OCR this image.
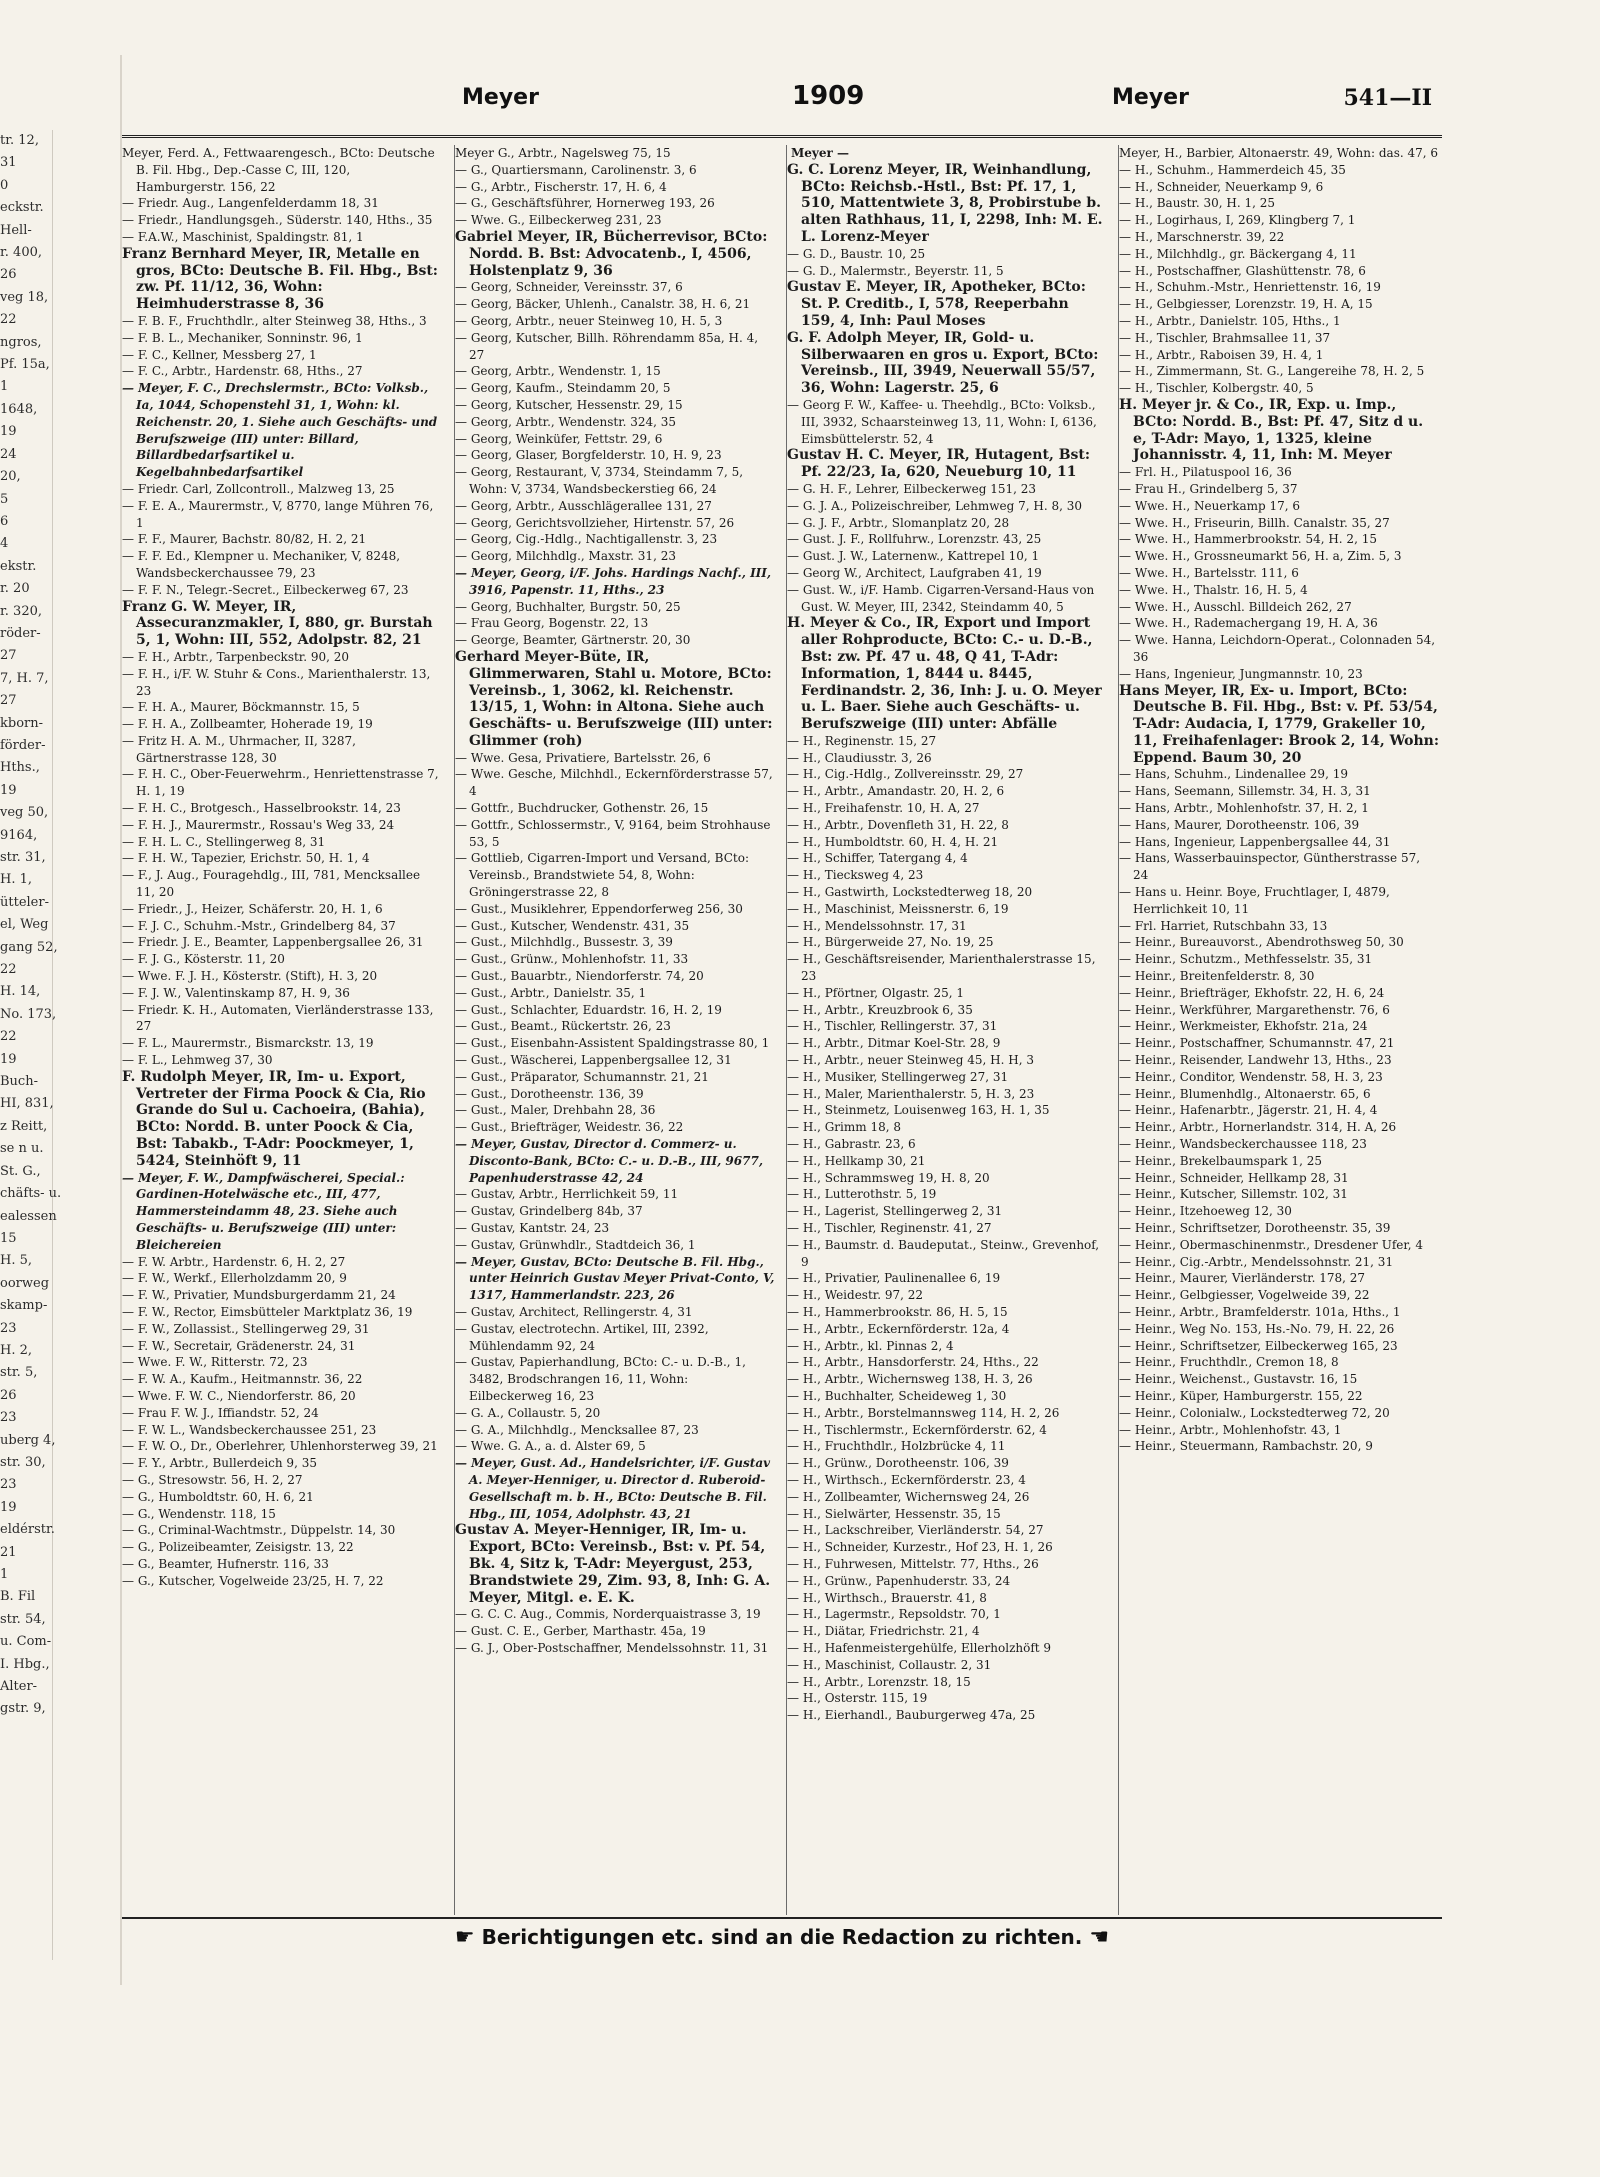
tr. 12,
31
0
eckstr.
Hell-
r. 400,
26
veg 18,
22
ngros,
Pf. 15a,
1
1648,
19
24
20,
5
6
4
ekstr.
r. 20
r. 320,
röder-
27
7, H. 7,
27
kborn-
förder-
Hths.,
19
veg 50,
9164,
str. 31,
H. 1,
ütteler-
el, Weg
gang 52,
22
H. 14,
No. 173,
22
19
Buch-
HI, 831,
z Reitt,
se n u.
St. G.,
chäfts- u.
ealessen
15
H. 5,
oorweg
skamp-
23
H. 2,
str. 5,
26
23
uberg 4,
str. 30,
23
19
eldérstr.
21
1
B. Fil
str. 54,
u. Com-
I. Hbg.,
Alter-
gstr. 9,
Meyer	1909	Meyer	541—II
Meyer, Ferd. A., Fettwaarengesch., BCto: Deutsche B. Fil. Hbg., Dep.-Casse C, III, 120, Hamburgerstr. 156, 22
— Friedr. Aug., Langenfelderdamm 18, 31
— Friedr., Handlungsgeh., Süderstr. 140, Hths., 35
— F.A.W., Maschinist, Spaldingstr. 81, 1
Franz Bernhard Meyer, IR, Metalle en gros, BCto: Deutsche B. Fil. Hbg., Bst: zw. Pf. 11/12, 36, Wohn: Heimhuderstrasse 8, 36
— F. B. F., Fruchthdlr., alter Steinweg 38, Hths., 3
— F. B. L., Mechaniker, Sonninstr. 96, 1
— F. C., Kellner, Messberg 27, 1
— F. C., Arbtr., Hardenstr. 68, Hths., 27
— Meyer, F. C., Drechslermstr., BCto: Volksb., Ia, 1044, Schopenstehl 31, 1, Wohn: kl. Reichenstr. 20, 1. Siehe auch Geschäfts- und Berufszweige (III) unter: Billard, Billardbedarfsartikel u. Kegelbahnbedarfsartikel
— Friedr. Carl, Zollcontroll., Malzweg 13, 25
— F. E. A., Maurermstr., V, 8770, lange Mühren 76, 1
— F. F., Maurer, Bachstr. 80/82, H. 2, 21
— F. F. Ed., Klempner u. Mechaniker, V, 8248, Wandsbeckerchaussee 79, 23
— F. F. N., Telegr.-Secret., Eilbeckerweg 67, 23
Franz G. W. Meyer, IR, Assecuranzmakler, I, 880, gr. Burstah 5, 1, Wohn: III, 552, Adolpstr. 82, 21
— F. H., Arbtr., Tarpenbeckstr. 90, 20
— F. H., i/F. W. Stuhr & Cons., Marienthalerstr. 13, 23
— F. H. A., Maurer, Böckmannstr. 15, 5
— F. H. A., Zollbeamter, Hoherade 19, 19
— Fritz H. A. M., Uhrmacher, II, 3287, Gärtnerstrasse 128, 30
— F. H. C., Ober-Feuerwehrm., Henriettenstrasse 7, H. 1, 19
— F. H. C., Brotgesch., Hasselbrookstr. 14, 23
— F. H. J., Maurermstr., Rossau's Weg 33, 24
— F. H. L. C., Stellingerweg 8, 31
— F. H. W., Tapezier, Erichstr. 50, H. 1, 4
— F., J. Aug., Fouragehdlg., III, 781, Mencksallee 11, 20
— Friedr., J., Heizer, Schäferstr. 20, H. 1, 6
— F. J. C., Schuhm.-Mstr., Grindelberg 84, 37
— Friedr. J. E., Beamter, Lappenbergsallee 26, 31
— F. J. G., Kösterstr. 11, 20
— Wwe. F. J. H., Kösterstr. (Stift), H. 3, 20
— F. J. W., Valentinskamp 87, H. 9, 36
— Friedr. K. H., Automaten, Vierländerstrasse 133, 27
— F. L., Maurermstr., Bismarckstr. 13, 19
— F. L., Lehmweg 37, 30
F. Rudolph Meyer, IR, Im- u. Export, Vertreter der Firma Poock & Cia, Rio Grande do Sul u. Cachoeira, (Bahia), BCto: Nordd. B. unter Poock & Cia, Bst: Tabakb., T-Adr: Poockmeyer, 1, 5424, Steinhöft 9, 11
— Meyer, F. W., Dampfwäscherei, Special.: Gardinen-Hotelwäsche etc., III, 477, Hammersteindamm 48, 23. Siehe auch Geschäfts- u. Berufszweige (III) unter: Bleichereien
— F. W. Arbtr., Hardenstr. 6, H. 2, 27
— F. W., Werkf., Ellerholzdamm 20, 9
— F. W., Privatier, Mundsburgerdamm 21, 24
— F. W., Rector, Eimsbütteler Marktplatz 36, 19
— F. W., Zollassist., Stellingerweg 29, 31
— F. W., Secretair, Grädenerstr. 24, 31
— Wwe. F. W., Ritterstr. 72, 23
— F. W. A., Kaufm., Heitmannstr. 36, 22
— Wwe. F. W. C., Niendorferstr. 86, 20
— Frau F. W. J., Iffiandstr. 52, 24
— F. W. L., Wandsbeckerchaussee 251, 23
— F. W. O., Dr., Oberlehrer, Uhlenhorsterweg 39, 21
— F. Y., Arbtr., Bullerdeich 9, 35
— G., Stresowstr. 56, H. 2, 27
— G., Humboldtstr. 60, H. 6, 21
— G., Wendenstr. 118, 15
— G., Criminal-Wachtmstr., Düppelstr. 14, 30
— G., Polizeibeamter, Zeisigstr. 13, 22
— G., Beamter, Hufnerstr. 116, 33
— G., Kutscher, Vogelweide 23/25, H. 7, 22
Meyer G., Arbtr., Nagelsweg 75, 15
— G., Quartiersmann, Carolinenstr. 3, 6
— G., Arbtr., Fischerstr. 17, H. 6, 4
— G., Geschäftsführer, Hornerweg 193, 26
— Wwe. G., Eilbeckerweg 231, 23
Gabriel Meyer, IR, Bücherrevisor, BCto: Nordd. B. Bst: Advocatenb., I, 4506, Holstenplatz 9, 36
— Georg, Schneider, Vereinsstr. 37, 6
— Georg, Bäcker, Uhlenh., Canalstr. 38, H. 6, 21
— Georg, Arbtr., neuer Steinweg 10, H. 5, 3
— Georg, Kutscher, Billh. Röhrendamm 85a, H. 4, 27
— Georg, Arbtr., Wendenstr. 1, 15
— Georg, Kaufm., Steindamm 20, 5
— Georg, Kutscher, Hessenstr. 29, 15
— Georg, Arbtr., Wendenstr. 324, 35
— Georg, Weinküfer, Fettstr. 29, 6
— Georg, Glaser, Borgfelderstr. 10, H. 9, 23
— Georg, Restaurant, V, 3734, Steindamm 7, 5, Wohn: V, 3734, Wandsbeckerstieg 66, 24
— Georg, Arbtr., Ausschlägerallee 131, 27
— Georg, Gerichtsvollzieher, Hirtenstr. 57, 26
— Georg, Cig.-Hdlg., Nachtigallenstr. 3, 23
— Georg, Milchhdlg., Maxstr. 31, 23
— Meyer, Georg, i/F. Johs. Hardings Nachf., III, 3916, Papenstr. 11, Hths., 23
— Georg, Buchhalter, Burgstr. 50, 25
— Frau Georg, Bogenstr. 22, 13
— George, Beamter, Gärtnerstr. 20, 30
Gerhard Meyer-Büte, IR, Glimmerwaren, Stahl u. Motore, BCto: Vereinsb., 1, 3062, kl. Reichenstr. 13/15, 1, Wohn: in Altona. Siehe auch Geschäfts- u. Berufszweige (III) unter: Glimmer (roh)
— Wwe. Gesa, Privatiere, Bartelsstr. 26, 6
— Wwe. Gesche, Milchhdl., Eckernförderstrasse 57, 4
— Gottfr., Buchdrucker, Gothenstr. 26, 15
— Gottfr., Schlossermstr., V, 9164, beim Strohhause 53, 5
— Gottlieb, Cigarren-Import und Versand, BCto: Vereinsb., Brandstwiete 54, 8, Wohn: Gröningerstrasse 22, 8
— Gust., Musiklehrer, Eppendorferweg 256, 30
— Gust., Kutscher, Wendenstr. 431, 35
— Gust., Milchhdlg., Bussestr. 3, 39
— Gust., Grünw., Mohlenhofstr. 11, 33
— Gust., Bauarbtr., Niendorferstr. 74, 20
— Gust., Arbtr., Danielstr. 35, 1
— Gust., Schlachter, Eduardstr. 16, H. 2, 19
— Gust., Beamt., Rückertstr. 26, 23
— Gust., Eisenbahn-Assistent Spaldingstrasse 80, 1
— Gust., Wäscherei, Lappenbergsallee 12, 31
— Gust., Präparator, Schumannstr. 21, 21
— Gust., Dorotheenstr. 136, 39
— Gust., Maler, Drehbahn 28, 36
— Gust., Briefträger, Weidestr. 36, 22
— Meyer, Gustav, Director d. Commerz- u. Disconto-Bank, BCto: C.- u. D.-B., III, 9677, Papenhuderstrasse 42, 24
— Gustav, Arbtr., Herrlichkeit 59, 11
— Gustav, Grindelberg 84b, 37
— Gustav, Kantstr. 24, 23
— Gustav, Grünwhdlr., Stadtdeich 36, 1
— Meyer, Gustav, BCto: Deutsche B. Fil. Hbg., unter Heinrich Gustav Meyer Privat-Conto, V, 1317, Hammerlandstr. 223, 26
— Gustav, Architect, Rellingerstr. 4, 31
— Gustav, electrotechn. Artikel, III, 2392, Mühlendamm 92, 24
— Gustav, Papierhandlung, BCto: C.- u. D.-B., 1, 3482, Brodschrangen 16, 11, Wohn: Eilbeckerweg 16, 23
— G. A., Collaustr. 5, 20
— G. A., Milchhdlg., Mencksallee 87, 23
— Wwe. G. A., a. d. Alster 69, 5
— Meyer, Gust. Ad., Handelsrichter, i/F. Gustav A. Meyer-Henniger, u. Director d. Ruberoid-Gesellschaft m. b. H., BCto: Deutsche B. Fil. Hbg., III, 1054, Adolphstr. 43, 21
Gustav A. Meyer-Henniger, IR, Im- u. Export, BCto: Vereinsb., Bst: v. Pf. 54, Bk. 4, Sitz k, T-Adr: Meyergust, 253, Brandstwiete 29, Zim. 93, 8, Inh: G. A. Meyer, Mitgl. e. E. K.
— G. C. C. Aug., Commis, Norderquaistrasse 3, 19
— Gust. C. E., Gerber, Marthastr. 45a, 19
— G. J., Ober-Postschaffner, Mendelssohnstr. 11, 31
Meyer —
G. C. Lorenz Meyer, IR, Weinhandlung, BCto: Reichsb.-Hstl., Bst: Pf. 17, 1, 510, Mattentwiete 3, 8, Probirstube b. alten Rathhaus, 11, I, 2298, Inh: M. E. L. Lorenz-Meyer
— G. D., Baustr. 10, 25
— G. D., Malermstr., Beyerstr. 11, 5
Gustav E. Meyer, IR, Apotheker, BCto: St. P. Creditb., I, 578, Reeperbahn 159, 4, Inh: Paul Moses
G. F. Adolph Meyer, IR, Gold- u. Silberwaaren en gros u. Export, BCto: Vereinsb., III, 3949, Neuerwall 55/57, 36, Wohn: Lagerstr. 25, 6
— Georg F. W., Kaffee- u. Theehdlg., BCto: Volksb., III, 3932, Schaarsteinweg 13, 11, Wohn: I, 6136, Eimsbüttelerstr. 52, 4
Gustav H. C. Meyer, IR, Hutagent, Bst: Pf. 22/23, Ia, 620, Neueburg 10, 11
— G. H. F., Lehrer, Eilbeckerweg 151, 23
— G. J. A., Polizeischreiber, Lehmweg 7, H. 8, 30
— G. J. F., Arbtr., Slomanplatz 20, 28
— Gust. J. F., Rollfuhrw., Lorenzstr. 43, 25
— Gust. J. W., Laternenw., Kattrepel 10, 1
— Georg W., Architect, Laufgraben 41, 19
— Gust. W., i/F. Hamb. Cigarren-Versand-Haus von Gust. W. Meyer, III, 2342, Steindamm 40, 5
H. Meyer & Co., IR, Export und Import aller Rohproducte, BCto: C.- u. D.-B., Bst: zw. Pf. 47 u. 48, Q 41, T-Adr: Information, 1, 8444 u. 8445, Ferdinandstr. 2, 36, Inh: J. u. O. Meyer u. L. Baer. Siehe auch Geschäfts- u. Berufszweige (III) unter: Abfälle
— H., Reginenstr. 15, 27
— H., Claudiusstr. 3, 26
— H., Cig.-Hdlg., Zollvereinsstr. 29, 27
— H., Arbtr., Amandastr. 20, H. 2, 6
— H., Freihafenstr. 10, H. A, 27
— H., Arbtr., Dovenfleth 31, H. 22, 8
— H., Humboldtstr. 60, H. 4, H. 21
— H., Schiffer, Tatergang 4, 4
— H., Tiecksweg 4, 23
— H., Gastwirth, Lockstedterweg 18, 20
— H., Maschinist, Meissnerstr. 6, 19
— H., Mendelssohnstr. 17, 31
— H., Bürgerweide 27, No. 19, 25
— H., Geschäftsreisender, Marienthalerstrasse 15, 23
— H., Pförtner, Olgastr. 25, 1
— H., Arbtr., Kreuzbrook 6, 35
— H., Tischler, Rellingerstr. 37, 31
— H., Arbtr., Ditmar Koel-Str. 28, 9
— H., Arbtr., neuer Steinweg 45, H. H, 3
— H., Musiker, Stellingerweg 27, 31
— H., Maler, Marienthalerstr. 5, H. 3, 23
— H., Steinmetz, Louisenweg 163, H. 1, 35
— H., Grimm 18, 8
— H., Gabrastr. 23, 6
— H., Hellkamp 30, 21
— H., Schrammsweg 19, H. 8, 20
— H., Lutterothstr. 5, 19
— H., Lagerist, Stellingerweg 2, 31
— H., Tischler, Reginenstr. 41, 27
— H., Baumstr. d. Baudeputat., Steinw., Grevenhof, 9
— H., Privatier, Paulinenallee 6, 19
— H., Weidestr. 97, 22
— H., Hammerbrookstr. 86, H. 5, 15
— H., Arbtr., Eckernförderstr. 12a, 4
— H., Arbtr., kl. Pinnas 2, 4
— H., Arbtr., Hansdorferstr. 24, Hths., 22
— H., Arbtr., Wichernsweg 138, H. 3, 26
— H., Buchhalter, Scheideweg 1, 30
— H., Arbtr., Borstelmannsweg 114, H. 2, 26
— H., Tischlermstr., Eckernförderstr. 62, 4
— H., Fruchthdlr., Holzbrücke 4, 11
— H., Grünw., Dorotheenstr. 106, 39
— H., Wirthsch., Eckernförderstr. 23, 4
— H., Zollbeamter, Wichernsweg 24, 26
— H., Sielwärter, Hessenstr. 35, 15
— H., Lackschreiber, Vierländerstr. 54, 27
— H., Schneider, Kurzestr., Hof 23, H. 1, 26
— H., Fuhrwesen, Mittelstr. 77, Hths., 26
— H., Grünw., Papenhuderstr. 33, 24
— H., Wirthsch., Brauerstr. 41, 8
— H., Lagermstr., Repsoldstr. 70, 1
— H., Diätar, Friedrichstr. 21, 4
— H., Hafenmeistergehülfe, Ellerholzhöft 9
— H., Maschinist, Collaustr. 2, 31
— H., Arbtr., Lorenzstr. 18, 15
— H., Osterstr. 115, 19
— H., Eierhandl., Bauburgerweg 47a, 25
Meyer, H., Barbier, Altonaerstr. 49, Wohn: das. 47, 6
— H., Schuhm., Hammerdeich 45, 35
— H., Schneider, Neuerkamp 9, 6
— H., Baustr. 30, H. 1, 25
— H., Logirhaus, I, 269, Klingberg 7, 1
— H., Marschnerstr. 39, 22
— H., Milchhdlg., gr. Bäckergang 4, 11
— H., Postschaffner, Glashüttenstr. 78, 6
— H., Schuhm.-Mstr., Henriettenstr. 16, 19
— H., Gelbgiesser, Lorenzstr. 19, H. A, 15
— H., Arbtr., Danielstr. 105, Hths., 1
— H., Tischler, Brahmsallee 11, 37
— H., Arbtr., Raboisen 39, H. 4, 1
— H., Zimmermann, St. G., Langereihe 78, H. 2, 5
— H., Tischler, Kolbergstr. 40, 5
H. Meyer jr. & Co., IR, Exp. u. Imp., BCto: Nordd. B., Bst: Pf. 47, Sitz d u. e, T-Adr: Mayo, 1, 1325, kleine Johannisstr. 4, 11, Inh: M. Meyer
— Frl. H., Pilatuspool 16, 36
— Frau H., Grindelberg 5, 37
— Wwe. H., Neuerkamp 17, 6
— Wwe. H., Friseurin, Billh. Canalstr. 35, 27
— Wwe. H., Hammerbrookstr. 54, H. 2, 15
— Wwe. H., Grossneumarkt 56, H. a, Zim. 5, 3
— Wwe. H., Bartelsstr. 111, 6
— Wwe. H., Thalstr. 16, H. 5, 4
— Wwe. H., Ausschl. Billdeich 262, 27
— Wwe. H., Rademachergang 19, H. A, 36
— Wwe. Hanna, Leichdorn-Operat., Colonnaden 54, 36
— Hans, Ingenieur, Jungmannstr. 10, 23
Hans Meyer, IR, Ex- u. Import, BCto: Deutsche B. Fil. Hbg., Bst: v. Pf. 53/54, T-Adr: Audacia, I, 1779, Grakeller 10, 11, Freihafenlager: Brook 2, 14, Wohn: Eppend. Baum 30, 20
— Hans, Schuhm., Lindenallee 29, 19
— Hans, Seemann, Sillemstr. 34, H. 3, 31
— Hans, Arbtr., Mohlenhofstr. 37, H. 2, 1
— Hans, Maurer, Dorotheenstr. 106, 39
— Hans, Ingenieur, Lappenbergsallee 44, 31
— Hans, Wasserbauinspector, Güntherstrasse 57, 24
— Hans u. Heinr. Boye, Fruchtlager, I, 4879, Herrlichkeit 10, 11
— Frl. Harriet, Rutschbahn 33, 13
— Heinr., Bureauvorst., Abendrothsweg 50, 30
— Heinr., Schutzm., Methfesselstr. 35, 31
— Heinr., Breitenfelderstr. 8, 30
— Heinr., Briefträger, Ekhofstr. 22, H. 6, 24
— Heinr., Werkführer, Margarethenstr. 76, 6
— Heinr., Werkmeister, Ekhofstr. 21a, 24
— Heinr., Postschaffner, Schumannstr. 47, 21
— Heinr., Reisender, Landwehr 13, Hths., 23
— Heinr., Conditor, Wendenstr. 58, H. 3, 23
— Heinr., Blumenhdlg., Altonaerstr. 65, 6
— Heinr., Hafenarbtr., Jägerstr. 21, H. 4, 4
— Heinr., Arbtr., Hornerlandstr. 314, H. A, 26
— Heinr., Wandsbeckerchaussee 118, 23
— Heinr., Brekelbaumspark 1, 25
— Heinr., Schneider, Hellkamp 28, 31
— Heinr., Kutscher, Sillemstr. 102, 31
— Heinr., Itzehoeweg 12, 30
— Heinr., Schriftsetzer, Dorotheenstr. 35, 39
— Heinr., Obermaschinenmstr., Dresdener Ufer, 4
— Heinr., Cig.-Arbtr., Mendelssohnstr. 21, 31
— Heinr., Maurer, Vierländerstr. 178, 27
— Heinr., Gelbgiesser, Vogelweide 39, 22
— Heinr., Arbtr., Bramfelderstr. 101a, Hths., 1
— Heinr., Weg No. 153, Hs.-No. 79, H. 22, 26
— Heinr., Schriftsetzer, Eilbeckerweg 165, 23
— Heinr., Fruchthdlr., Cremon 18, 8
— Heinr., Weichenst., Gustavstr. 16, 15
— Heinr., Küper, Hamburgerstr. 155, 22
— Heinr., Colonialw., Lockstedterweg 72, 20
— Heinr., Arbtr., Mohlenhofstr. 43, 1
— Heinr., Steuermann, Rambachstr. 20, 9
☛ Berichtigungen etc. sind an die Redaction zu richten. ☚
